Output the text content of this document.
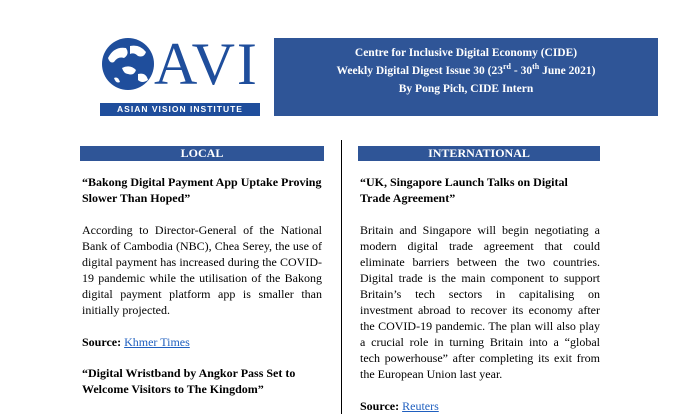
AVI
ASIAN VISION INSTITUTE
Centre for Inclusive Digital Economy (CIDE)
Weekly Digital Digest Issue 30 (23rd - 30th June 2021)
By Pong Pich, CIDE Intern
LOCAL	INTERNATIONAL

“Bakong Digital Payment App Uptake Proving Slower Than Hoped”

According to Director-General of the National Bank of Cambodia (NBC), Chea Serey, the use of digital payment has increased during the COVID-19 pandemic while the utilisation of the Bakong digital payment platform app is smaller than initially projected.

Source: Khmer Times

“Digital Wristband by Angkor Pass Set to Welcome Visitors to The Kingdom”

“UK, Singapore Launch Talks on Digital Trade Agreement”

Britain and Singapore will begin negotiating a modern digital trade agreement that could eliminate barriers between the two countries. Digital trade is the main component to support Britain’s tech sectors in capitalising on investment abroad to recover its economy after the COVID-19 pandemic. The plan will also play a crucial role in turning Britain into a “global tech powerhouse” after completing its exit from the European Union last year.

Source: Reuters
